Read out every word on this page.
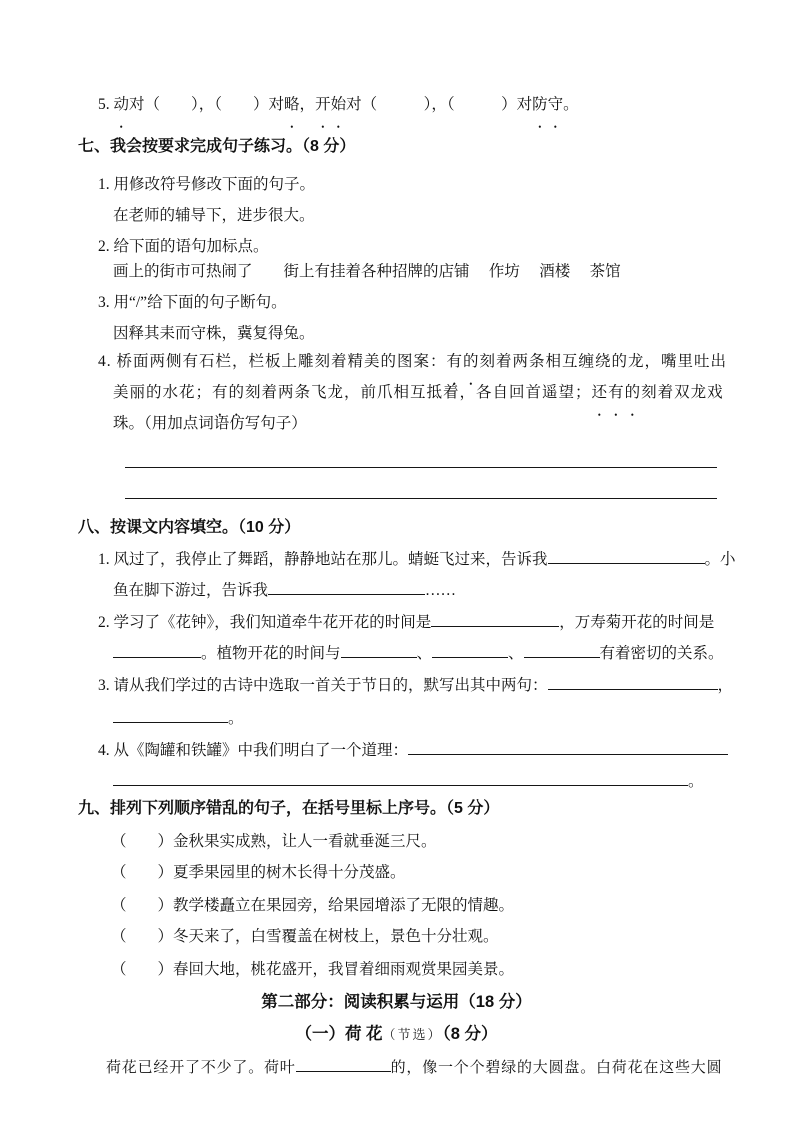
5. 动对（　　），（　　）对略，开始对（　　　），（　　　）对防守。
七、我会按要求完成句子练习。（8 分）
1. 用修改符号修改下面的句子。
在老师的辅导下，进步很大。
2. 给下面的语句加标点。
画上的街市可热闹了　　街上有挂着各种招牌的店铺　 作坊　 酒楼　 茶馆
3. 用“/”给下面的句子断句。
因释其耒而守株，冀复得兔。
4. 桥面两侧有石栏，栏板上雕刻着精美的图案：有的刻着两条相互缠绕的龙，嘴里吐出
美丽的水花；有的刻着两条飞龙，前爪相互抵着，各自回首遥望；还有的刻着双龙戏
珠。（用加点词语仿写句子）
八、按课文内容填空。（10 分）
1. 风过了，我停止了舞蹈，静静地站在那儿。蜻蜓飞过来，告诉我	。小
鱼在脚下游过，告诉我	……
2. 学习了《花钟》，我们知道牵牛花开花的时间是	，万寿菊开花的时间是
。植物开花的时间与	、	、	有着密切的关系。
3. 请从我们学过的古诗中选取一首关于节日的，默写出其中两句：	，
。
4. 从《陶罐和铁罐》中我们明白了一个道理：
。
九、排列下列顺序错乱的句子，在括号里标上序号。（5 分）
（　　）金秋果实成熟，让人一看就垂涎三尺。
（　　）夏季果园里的树木长得十分茂盛。
（　　）教学楼矗立在果园旁，给果园增添了无限的情趣。
（　　）冬天来了，白雪覆盖在树枝上，景色十分壮观。
（　　）春回大地，桃花盛开，我冒着细雨观赏果园美景。
第二部分：阅读积累与运用（18 分）
（一）荷 花（节选）（8 分）
荷花已经开了不少了。荷叶	的，像一个个碧绿的大圆盘。白荷花在这些大圆
